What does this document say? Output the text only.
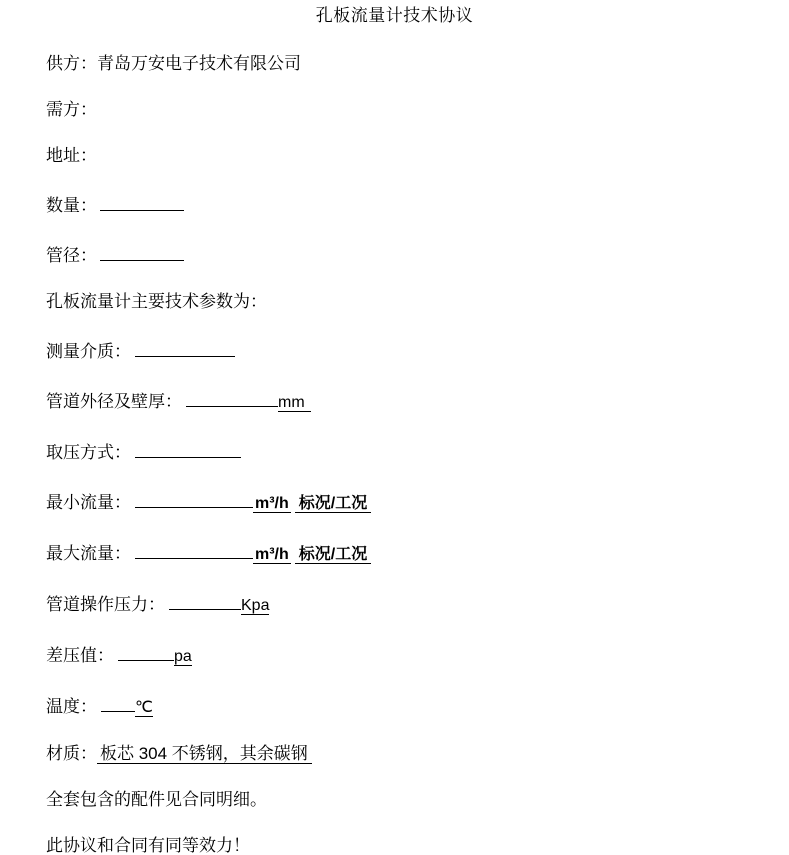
孔板流量计技术协议
供方：青岛万安电子技术有限公司
需方：
地址：
数量：
管径：
孔板流量计主要技术参数为：
测量介质：
管道外径及壁厚：	mm
取压方式：
最小流量：	m³/h 标况/工况
最大流量：	m³/h 标况/工况
管道操作压力：	Kpa
差压值：	pa
温度： ℃
材质： 板芯 304 不锈钢，其余碳钢
全套包含的配件见合同明细。
此协议和合同有同等效力！
